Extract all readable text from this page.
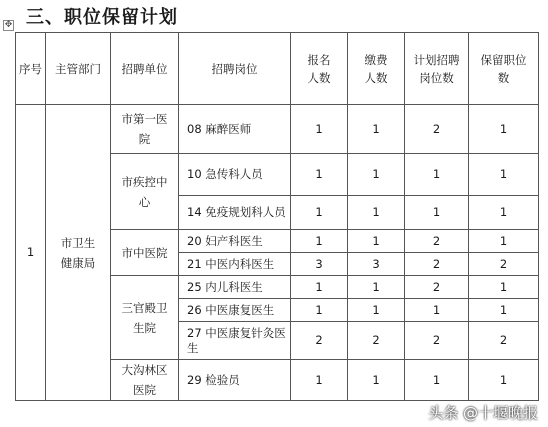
三、职位保留计划
✥
序号	主管部门	招聘单位	招聘岗位	报名人数	缴费人数	计划招聘岗位数	保留职位数
1	市卫生健康局	市第一医院	08 麻醉医师	1	1	2	1
		市疾控中心	10 急传科人员	1	1	1	1
			14 免疫规划科人员	1	1	1	1
		市中医院	20 妇产科医生	1	1	2	1
			21 中医内科医生	3	3	2	2
		三官殿卫生院	25 内儿科医生	1	1	2	1
			26 中医康复医生	1	1	1	1
			27 中医康复针灸医生	2	2	2	2
		大沟林区医院	29 检验员	1	1	1	1
头条 @十堰晚报
